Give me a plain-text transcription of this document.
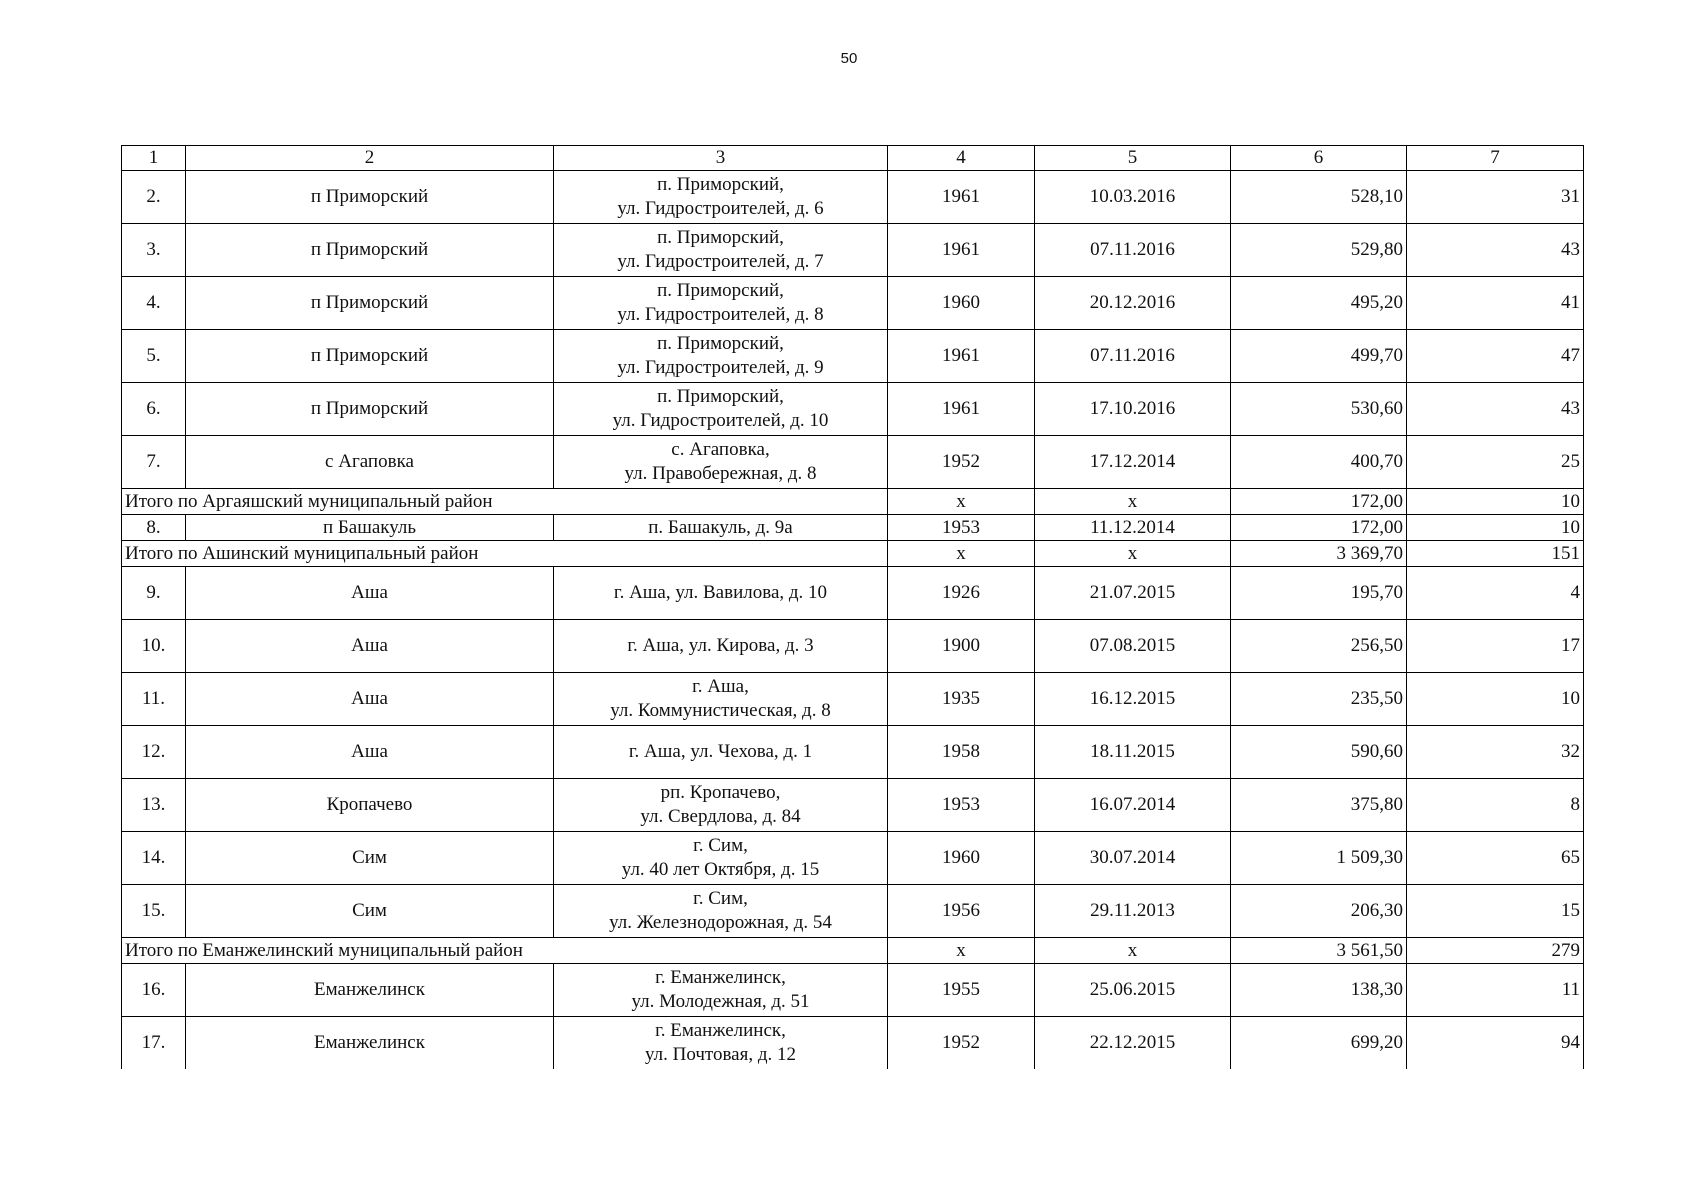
50
1	2	3	4	5	6	7
2.	п Приморский	п. Приморский,
ул. Гидростроителей, д. 6	1961	10.03.2016	528,10	31
3.	п Приморский	п. Приморский,
ул. Гидростроителей, д. 7	1961	07.11.2016	529,80	43
4.	п Приморский	п. Приморский,
ул. Гидростроителей, д. 8	1960	20.12.2016	495,20	41
5.	п Приморский	п. Приморский,
ул. Гидростроителей, д. 9	1961	07.11.2016	499,70	47
6.	п Приморский	п. Приморский,
ул. Гидростроителей, д. 10	1961	17.10.2016	530,60	43
7.	с Агаповка	с. Агаповка,
ул. Правобережная, д. 8	1952	17.12.2014	400,70	25
Итого по Аргаяшский муниципальный район			х	х	172,00	10
8.	п Башакуль	п. Башакуль, д. 9а	1953	11.12.2014	172,00	10
Итого по Ашинский муниципальный район			х	х	3 369,70	151
9.	Аша	г. Аша, ул. Вавилова, д. 10	1926	21.07.2015	195,70	4
10.	Аша	г. Аша, ул. Кирова, д. 3	1900	07.08.2015	256,50	17
11.	Аша	г. Аша,
ул. Коммунистическая, д. 8	1935	16.12.2015	235,50	10
12.	Аша	г. Аша, ул. Чехова, д. 1	1958	18.11.2015	590,60	32
13.	Кропачево	рп. Кропачево,
ул. Свердлова, д. 84	1953	16.07.2014	375,80	8
14.	Сим	г. Сим,
ул. 40 лет Октября, д. 15	1960	30.07.2014	1 509,30	65
15.	Сим	г. Сим,
ул. Железнодорожная, д. 54	1956	29.11.2013	206,30	15
Итого по Еманжелинский муниципальный район			х	х	3 561,50	279
16.	Еманжелинск	г. Еманжелинск,
ул. Молодежная, д. 51	1955	25.06.2015	138,30	11
17.	Еманжелинск	г. Еманжелинск,
ул. Почтовая, д. 12	1952	22.12.2015	699,20	94
